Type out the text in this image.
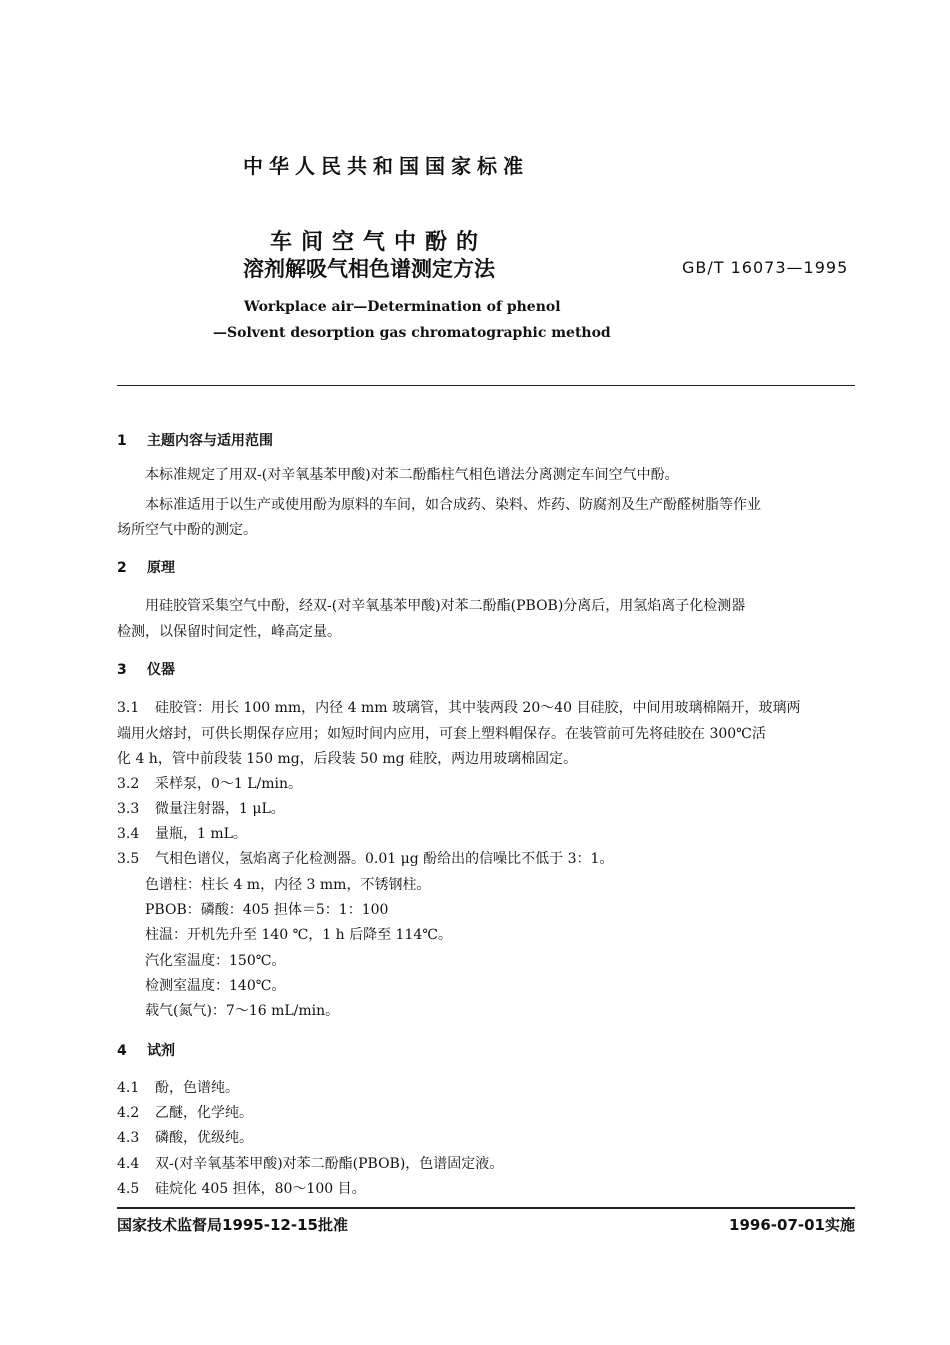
中华人民共和国国家标准
车间空气中酚的
溶剂解吸气相色谱测定方法	GB/T 16073—1995
Workplace air—Determination of phenol
—Solvent desorption gas chromatographic method
1 主题内容与适用范围
本标准规定了用双-(对辛氧基苯甲酸)对苯二酚酯柱气相色谱法分离测定车间空气中酚。
本标准适用于以生产或使用酚为原料的车间，如合成药、染料、炸药、防腐剂及生产酚醛树脂等作业
场所空气中酚的测定。
2 原理
用硅胶管采集空气中酚，经双-(对辛氧基苯甲酸)对苯二酚酯(PBOB)分离后，用氢焰离子化检测器
检测，以保留时间定性，峰高定量。
3 仪器
3.1 硅胶管：用长 100 mm，内径 4 mm 玻璃管，其中装两段 20～40 目硅胶，中间用玻璃棉隔开，玻璃两
端用火熔封，可供长期保存应用；如短时间内应用，可套上塑料帽保存。在装管前可先将硅胶在 300℃活
化 4 h，管中前段装 150 mg，后段装 50 mg 硅胶，两边用玻璃棉固定。
3.2 采样泵，0～1 L/min。
3.3 微量注射器，1 μL。
3.4 量瓶，1 mL。
3.5 气相色谱仪，氢焰离子化检测器。0.01 μg 酚给出的信噪比不低于 3：1。
色谱柱：柱长 4 m，内径 3 mm，不锈钢柱。
PBOB：磷酸：405 担体＝5：1：100
柱温：开机先升至 140 ℃，1 h 后降至 114℃。
汽化室温度：150℃。
检测室温度：140℃。
载气(氮气)：7～16 mL/min。
4 试剂
4.1 酚，色谱纯。
4.2 乙醚，化学纯。
4.3 磷酸，优级纯。
4.4 双-(对辛氧基苯甲酸)对苯二酚酯(PBOB)，色谱固定液。
4.5 硅烷化 405 担体，80～100 目。
国家技术监督局1995-12-15批准	1996-07-01实施
